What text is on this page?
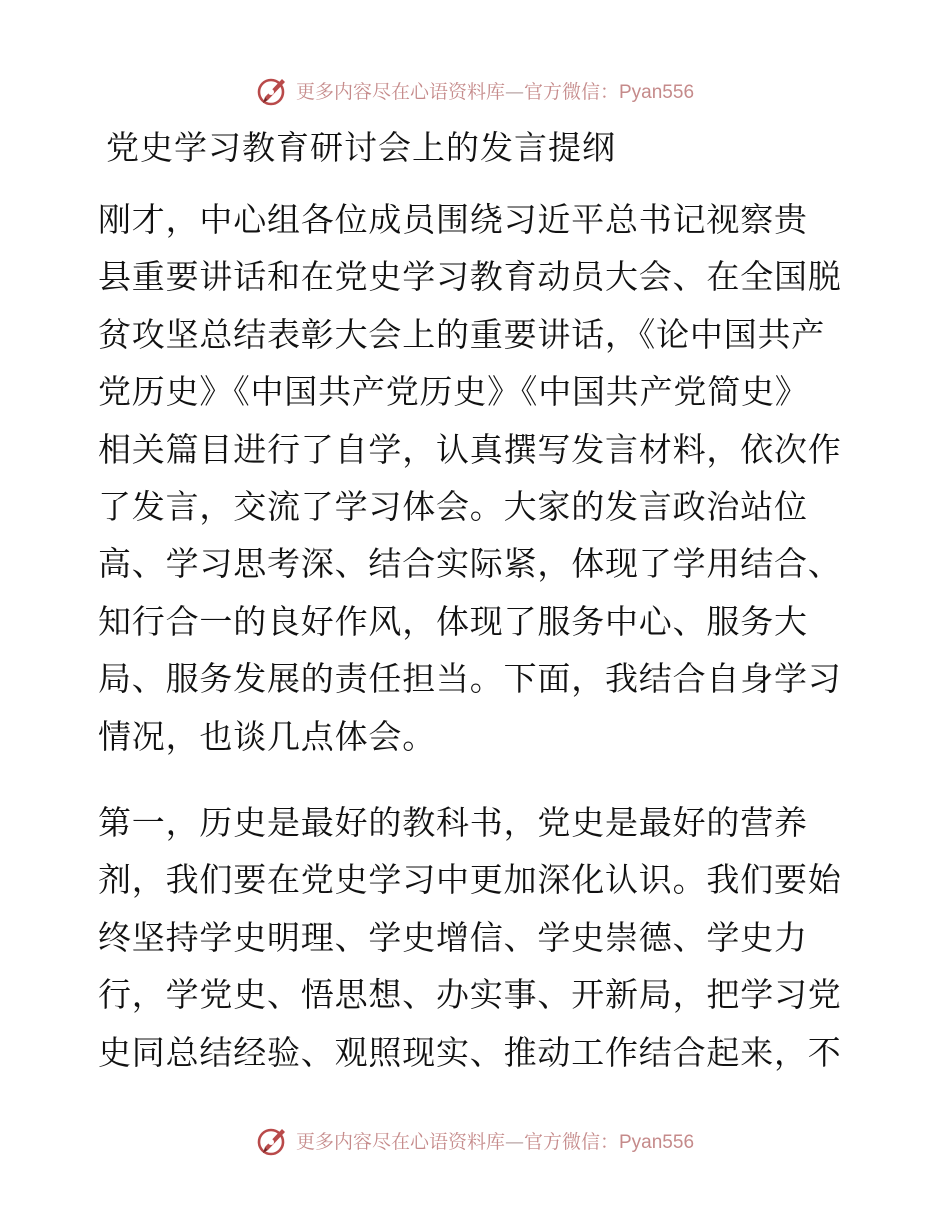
更多内容尽在心语资料库—官方微信：Pyan556
党史学习教育研讨会上的发言提纲
刚才，中心组各位成员围绕习近平总书记视察贵
县重要讲话和在党史学习教育动员大会、在全国脱
贫攻坚总结表彰大会上的重要讲话，《论中国共产
党历史》《中国共产党历史》《中国共产党简史》
相关篇目进行了自学，认真撰写发言材料，依次作
了发言，交流了学习体会。大家的发言政治站位
高、学习思考深、结合实际紧，体现了学用结合、
知行合一的良好作风，体现了服务中心、服务大
局、服务发展的责任担当。下面，我结合自身学习
情况，也谈几点体会。
第一，历史是最好的教科书，党史是最好的营养
剂，我们要在党史学习中更加深化认识。我们要始
终坚持学史明理、学史增信、学史崇德、学史力
行，学党史、悟思想、办实事、开新局，把学习党
史同总结经验、观照现实、推动工作结合起来，不
更多内容尽在心语资料库—官方微信：Pyan556
